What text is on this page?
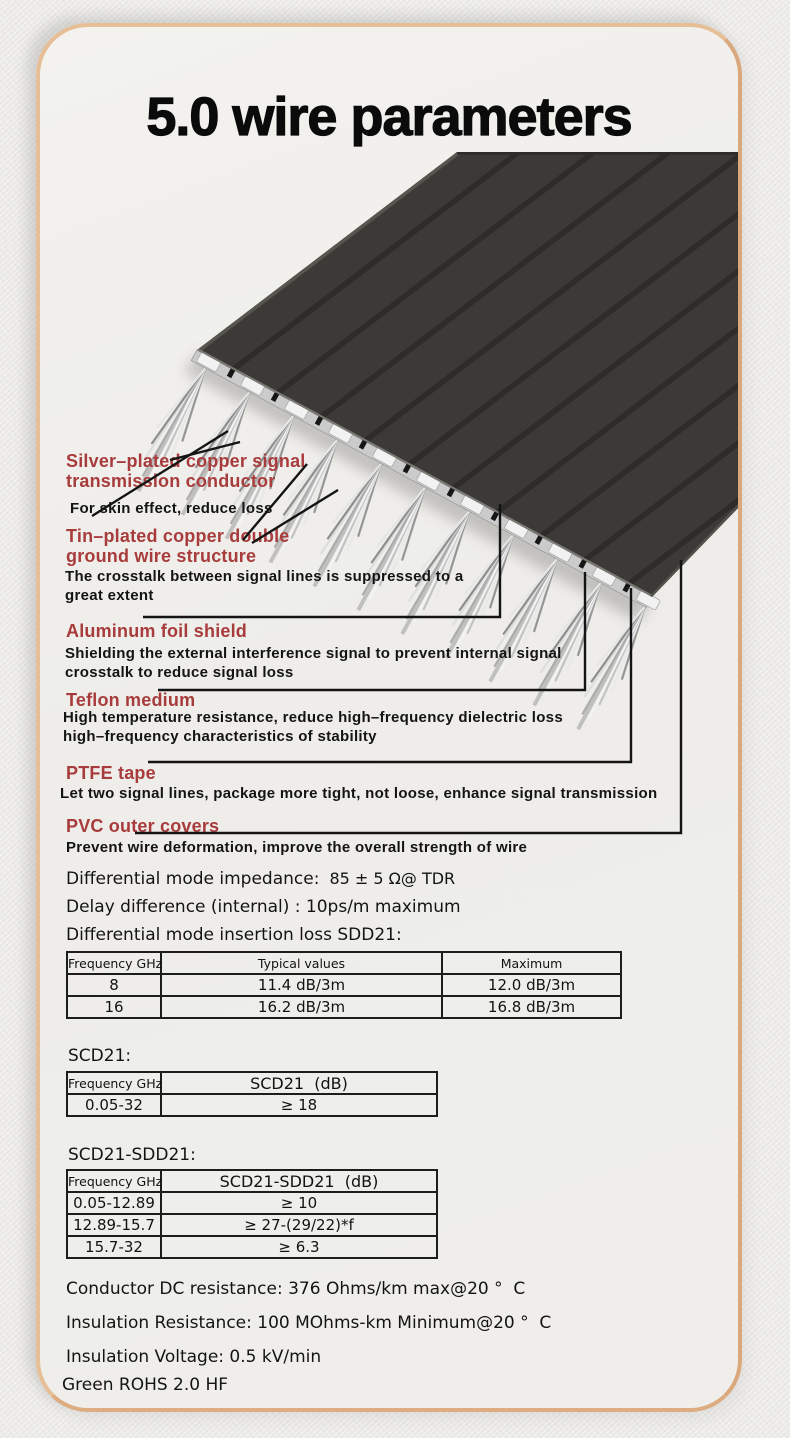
5.0 wire parameters
Silver–plated copper signal transmission conductor
For skin effect, reduce loss
Tin–plated copper double ground wire structure
The crosstalk between signal lines is suppressed to a great extent
Aluminum foil shield
Shielding the external interference signal to prevent internal signal crosstalk to reduce signal loss
Teflon medium
High temperature resistance, reduce high–frequency dielectric loss high–frequency characteristics of stability
PTFE tape
Let two signal lines, package more tight, not loose, enhance signal transmission
PVC outer covers
Prevent wire deformation, improve the overall strength of wire
Differential mode impedance: 85 ± 5 Ω@ TDR
Delay difference (internal) : 10ps/m maximum
Differential mode insertion loss SDD21:
Frequency GHz	Typical values	Maximum
8	11.4 dB/3m	12.0 dB/3m
16	16.2 dB/3m	16.8 dB/3m
SCD21:
Frequency GHz	SCD21  (dB)
0.05-32	≥ 18
SCD21-SDD21:
Frequency GHz	SCD21-SDD21  (dB)
0.05-12.89	≥ 10
12.89-15.7	≥ 27-(29/22)*f
15.7-32	≥ 6.3
Conductor DC resistance: 376 Ohms/km max@20 °  C
Insulation Resistance: 100 MOhms-km Minimum@20 °  C
Insulation Voltage: 0.5 kV/min
Green ROHS 2.0 HF
